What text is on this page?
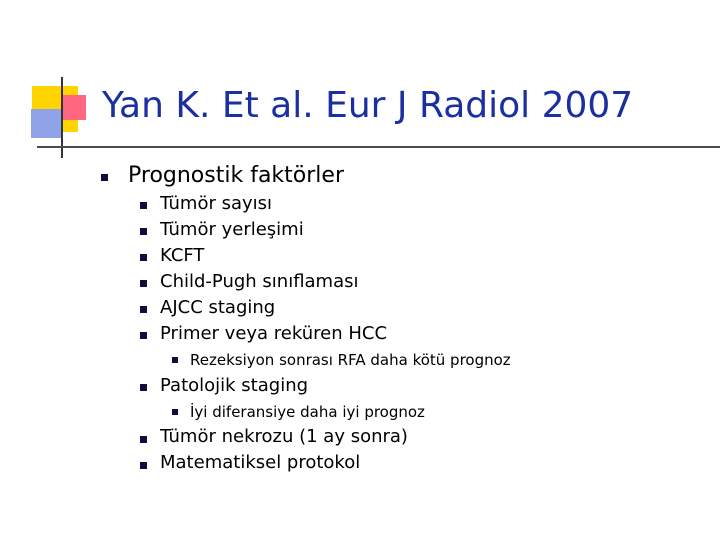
Yan K. Et al. Eur J Radiol 2007
Prognostik faktörler
Tümör sayısı
Tümör yerleşimi
KCFT
Child-Pugh sınıflaması
AJCC staging
Primer veya reküren HCC
Rezeksiyon sonrası RFA daha kötü prognoz
Patolojik staging
İyi diferansiye daha iyi prognoz
Tümör nekrozu (1 ay sonra)
Matematiksel protokol
